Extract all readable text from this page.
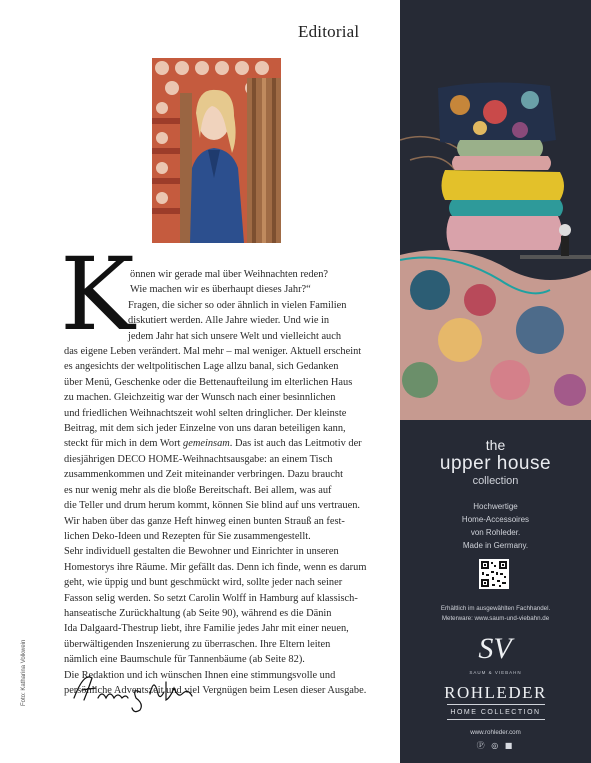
Editorial
K

önnen wir gerade mal über Weihnachten reden?

Wie machen wir es überhaupt dieses Jahr?“

Fragen, die sicher so oder ähnlich in vielen Familien

diskutiert werden. Alle Jahre wieder. Und wie in

jedem Jahr hat sich unsere Welt und vielleicht auch

das eigene Leben verändert. Mal mehr – mal weniger. Aktuell erscheint

es angesichts der weltpolitischen Lage allzu banal, sich Gedanken

über Menü, Geschenke oder die Bettenaufteilung im elterlichen Haus

zu machen. Gleichzeitig war der Wunsch nach einer besinnlichen

und friedlichen Weihnachtszeit wohl selten dringlicher. Der kleinste

Beitrag, mit dem sich jeder Einzelne von uns daran beteiligen kann,

steckt für mich in dem Wort gemeinsam. Das ist auch das Leitmotiv der

diesjährigen DECO HOME-Weihnachtsausgabe: an einem Tisch

zusammenkommen und Zeit miteinander verbringen. Dazu braucht

es nur wenig mehr als die bloße Bereitschaft. Bei allem, was auf

die Teller und drum herum kommt, können Sie blind auf uns vertrauen.

Wir haben über das ganze Heft hinweg einen bunten Strauß an fest-

lichen Deko-Ideen und Rezepten für Sie zusammengestellt.

Sehr individuell gestalten die Bewohner und Einrichter in unseren

Homestorys ihre Räume. Mir gefällt das. Denn ich finde, wenn es darum

geht, wie üppig und bunt geschmückt wird, sollte jeder nach seiner

Fasson selig werden. So setzt Carolin Wolff in Hamburg auf klassisch-

hanseatische Zurückhaltung (ab Seite 90), während es die Dänin

Ida Dalgaard-Thestrup liebt, ihre Familie jedes Jahr mit einer neuen,

überwältigenden Inszenierung zu überraschen. Ihre Eltern leiten

nämlich eine Baumschule für Tannenbäume (ab Seite 82).

Die Redaktion und ich wünschen Ihnen eine stimmungsvolle und

persönliche Adventszeit und viel Vergnügen beim Lesen dieser Ausgabe.

Foto: Katharina Volkwein
the
upper house
collection
Hochwertige
Home-Accessoires
von Rohleder.
Made in Germany.
Erhältlich im ausgewählten Fachhandel.
Meterware: www.saum-und-viebahn.de
SAUM & VIEBAHN
ROHLEDER
HOME COLLECTION
www.rohleder.com
SV
Ⓟ ◎ ■
